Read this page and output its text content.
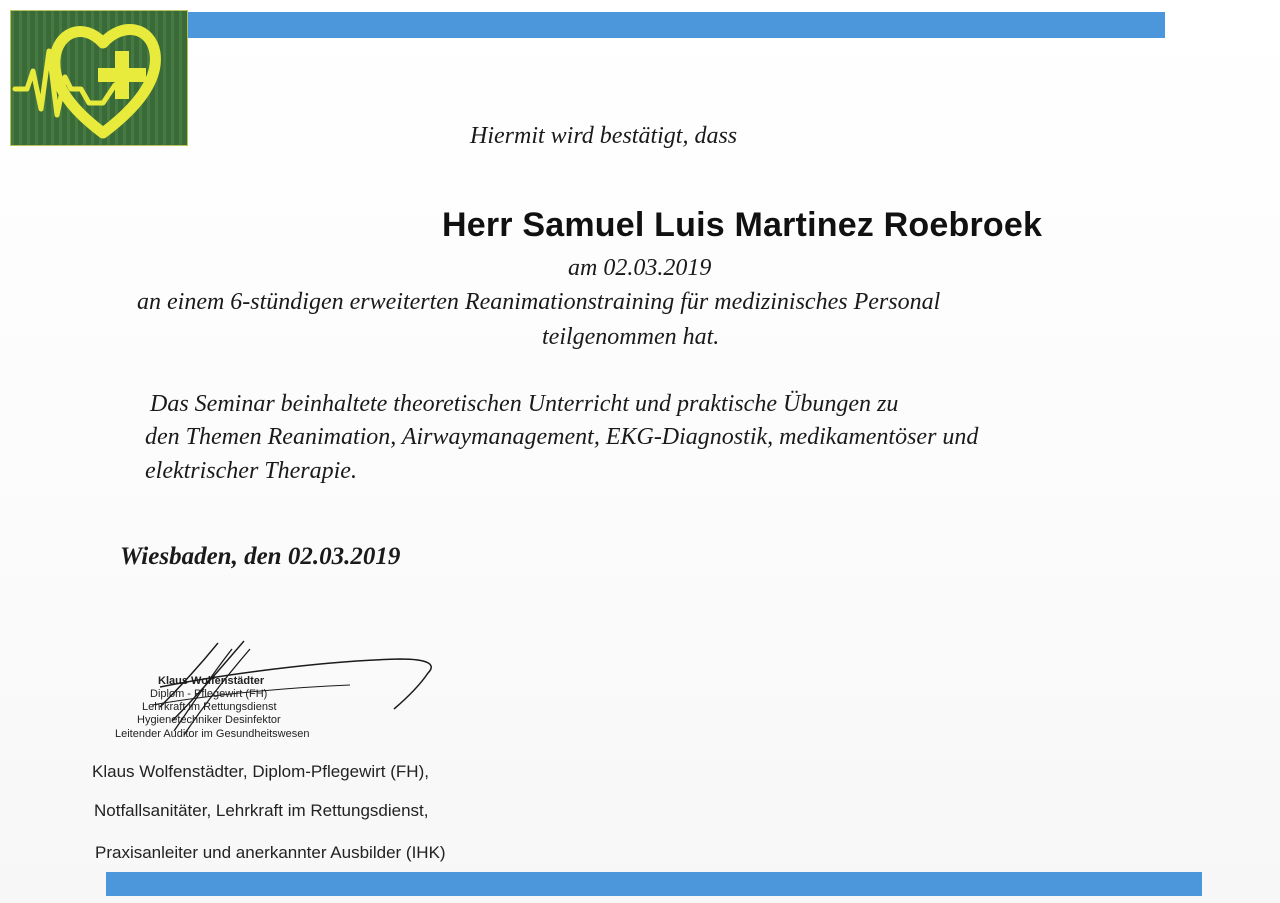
Hiermit wird bestätigt, dass

Herr Samuel Luis Martinez Roebroek

am 02.03.2019

an einem 6-stündigen erweiterten Reanimationstraining für medizinisches Personal

teilgenommen hat.

Das Seminar beinhaltete theoretischen Unterricht und praktische Übungen zu

den Themen Reanimation, Airwaymanagement, EKG-Diagnostik, medikamentöser und

elektrischer Therapie.

Wiesbaden, den 02.03.2019

Klaus Wolfenstädter
Diplom - Pflegewirt (FH)
Lehrkraft im Rettungsdienst
Hygienetechniker Desinfektor
Leitender Auditor im Gesundheitswesen
Klaus Wolfenstädter, Diplom-Pflegewirt (FH),
Notfallsanitäter, Lehrkraft im Rettungsdienst,
Praxisanleiter und anerkannter Ausbilder (IHK)
